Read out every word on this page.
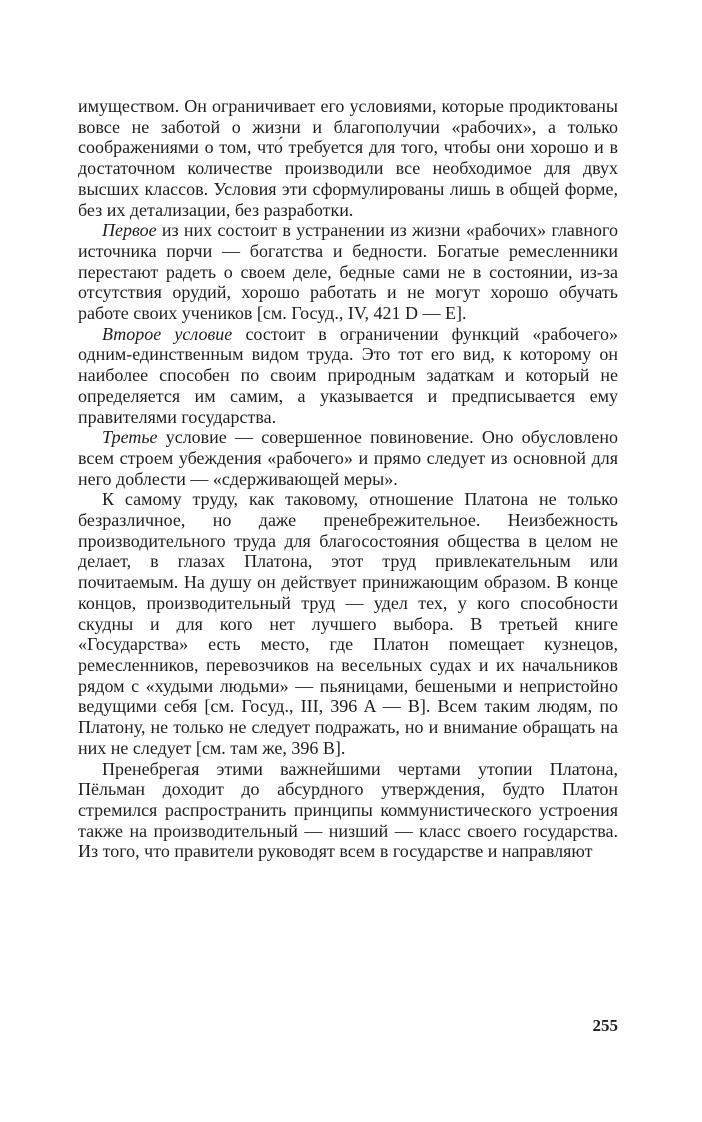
имуществом. Он ограничивает его условиями, которые продиктованы вовсе не заботой о жизни и благополучии «рабочих», а только соображениями о том, что́ требуется для того, чтобы они хорошо и в достаточном количестве производили все необходимое для двух высших классов. Условия эти сформулированы лишь в общей форме, без их детализации, без разработки.

Первое из них состоит в устранении из жизни «рабочих» главного источника порчи — богатства и бедности. Богатые ремесленники перестают радеть о своем деле, бедные сами не в состоянии, из-за отсутствия орудий, хорошо работать и не могут хорошо обучать работе своих учеников [см. Госуд., IV, 421 D — E].

Второе условие состоит в ограничении функций «рабочего» одним-единственным видом труда. Это тот его вид, к которому он наиболее способен по своим природным задаткам и который не определяется им самим, а указывается и предписывается ему правителями государства.

Третье условие — совершенное повиновение. Оно обусловлено всем строем убеждения «рабочего» и прямо следует из основной для него доблести — «сдерживающей меры».

К самому труду, как таковому, отношение Платона не только безразличное, но даже пренебрежительное. Неизбежность производительного труда для благосостояния общества в целом не делает, в глазах Платона, этот труд привлекательным или почитаемым. На душу он действует принижающим образом. В конце концов, производительный труд — удел тех, у кого способности скудны и для кого нет лучшего выбора. В третьей книге «Государства» есть место, где Платон помещает кузнецов, ремесленников, перевозчиков на весельных судах и их начальников рядом с «худыми людьми» — пьяницами, бешеными и непристойно ведущими себя [см. Госуд., III, 396 A — B]. Всем таким людям, по Платону, не только не следует подражать, но и внимание обращать на них не следует [см. там же, 396 B].

Пренебрегая этими важнейшими чертами утопии Платона, Пёльман доходит до абсурдного утверждения, будто Платон стремился распространить принципы коммунистического устроения также на производительный — низший — класс своего государства. Из того, что правители руководят всем в государстве и направляют

255
